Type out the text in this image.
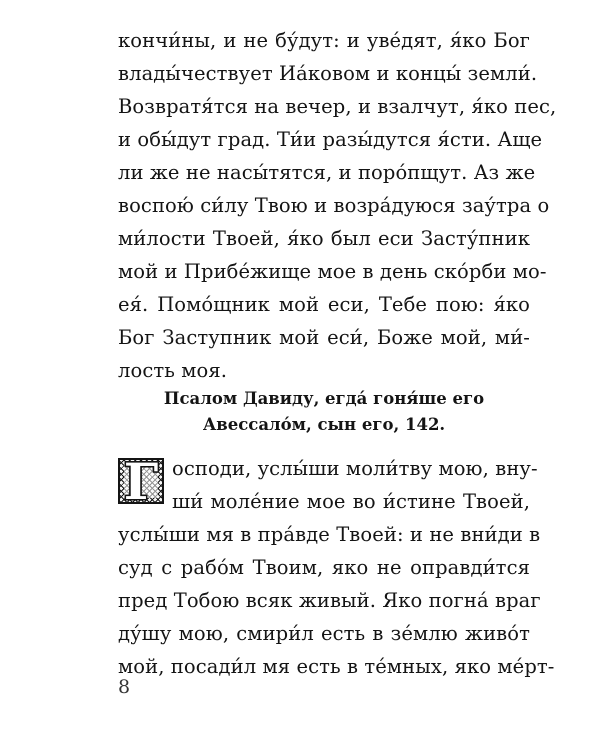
кончи́ны, и не бу́дут: и уве́дят, я́ко Бог
влады́чествует Иа́ковом и концы́ земли́.
Возвратя́тся на вечер, и взалчут, я́ко пес,
и обы́дут град. Ти́и разы́дутся я́сти. Аще
ли же не насы́тятся, и поро́пщут. Аз же
воспою́ си́лу Твою и возра́дуюся зау́тра о
ми́лости Твоей, я́ко был еси Засту́пник
мой и Прибе́жище мое в день ско́рби мо-
ея́. Помо́щник мой еси, Тебе пою: я́ко
Бог Заступник мой еси́, Боже мой, ми́-
лость моя.
Псалом Давиду, егда́ гоня́ше его
Авессало́м, сын его, 142.
Г осподи, услы́ши моли́тву мою, вну-
ши́ моле́ние мое во и́стине Твоей,
услы́ши мя в пра́вде Твоей: и не вни́ди в
суд с рабо́м Твоим, яко не оправди́тся
пред Тобою всяк живый. Яко погна́ враг
ду́шу мою, смири́л есть в зе́млю живо́т
мой, посади́л мя есть в те́мных, яко ме́рт-
8
